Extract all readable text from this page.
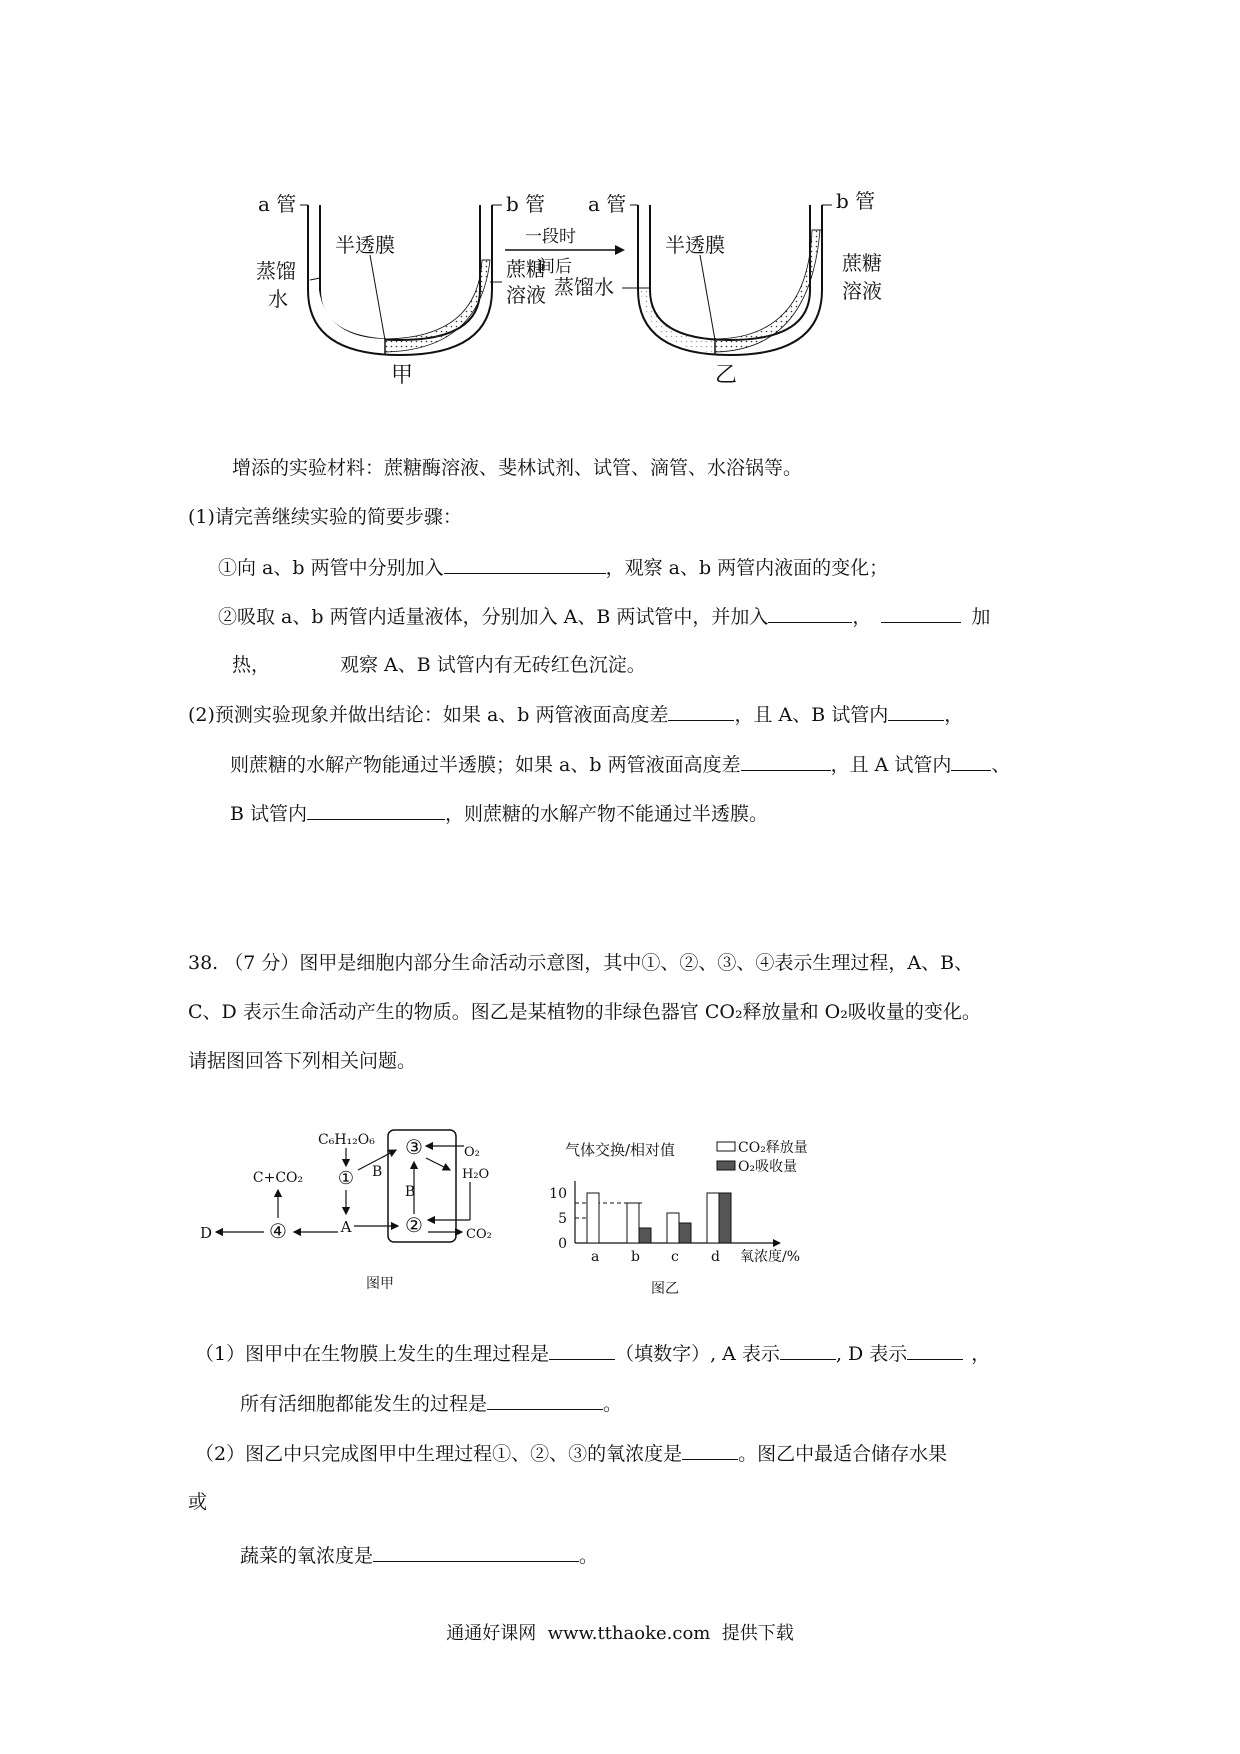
a 管	b 管
半透膜
蒸馏
水
蔗糖
溶液
一段时
间后
a 管	b 管
半透膜
蒸馏水
蔗糖
溶液
甲	乙
增添的实验材料：蔗糖酶溶液、斐林试剂、试管、滴管、水浴锅等。
(1)请完善继续实验的简要步骤：
①向 a、b 两管中分别加入	，观察 a、b 两管内液面的变化；
②吸取 a、b 两管内适量液体，分别加入 A、B 两试管中，并加入	，	加
热，	观察 A、B 试管内有无砖红色沉淀。
(2)预测实验现象并做出结论：如果 a、b 两管液面高度差	，且 A、B 试管内	，
则蔗糖的水解产物能通过半透膜；如果 a、b 两管液面高度差	，且 A 试管内 、
B 试管内	，则蔗糖的水解产物不能通过半透膜。
38. （7 分）图甲是细胞内部分生命活动示意图，其中①、②、③、④表示生理过程，A、B、
C、D 表示生命活动产生的物质。图乙是某植物的非绿色器官 CO₂释放量和 O₂吸收量的变化。
请据图回答下列相关问题。
C₆H₁₂O₆
① B
③	O₂
H₂O
B
A	②	CO₂
④
D
C+CO₂
图甲
气体交换/相对值	CO₂释放量
O₂吸收量
0
5
10
a b c d 氧浓度/%
图乙
（1）图甲中在生物膜上发生的生理过程是	（填数字）, A 表示	, D 表示	，
所有活细胞都能发生的过程是	。
（2）图乙中只完成图甲中生理过程①、②、③的氧浓度是	。图乙中最适合储存水果
或
蔬菜的氧浓度是	。
通通好课网  www.tthaoke.com  提供下载
